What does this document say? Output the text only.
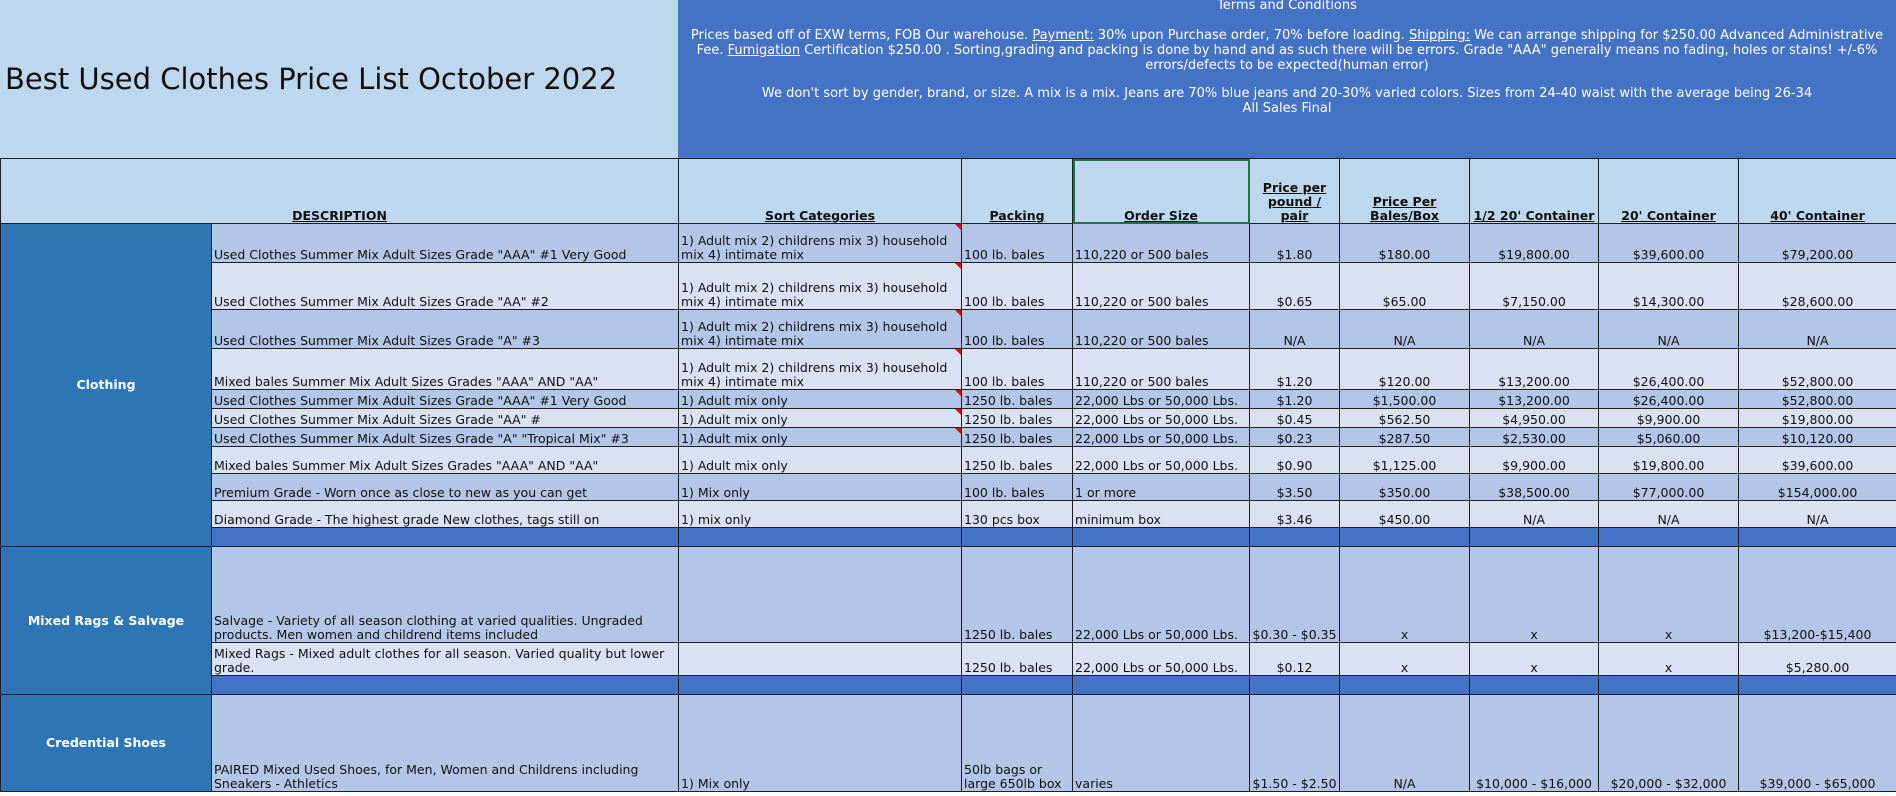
Best Used Clothes Price List October 2022
Terms and Conditions
Prices based off of EXW terms, FOB Our warehouse. Payment: 30% upon Purchase order, 70% before loading. Shipping: We can arrange shipping for $250.00 Advanced Administrative Fee. Fumigation Certification $250.00 . Sorting,grading and packing is done by hand and as such there will be errors. Grade "AAA" generally means no fading, holes or stains! +/-6% errors/defects to be expected(human error)
We don't sort by gender, brand, or size. A mix is a mix. Jeans are 70% blue jeans and 20-30% varied colors. Sizes from 24-40 waist with the average being 26-34
All Sales Final
DESCRIPTION		Sort Categories	Packing	Order Size	Price per pound / pair	Price Per Bales/Box	1/2 20' Container	20' Container	40' Container
Clothing	Used Clothes Summer Mix Adult Sizes Grade "AAA" #1 Very Good	1) Adult mix 2) childrens mix 3) household mix 4) intimate mix	100 lb. bales	110,220 or 500 bales	$1.80	$180.00	$19,800.00	$39,600.00	$79,200.00
	Used Clothes Summer Mix Adult Sizes Grade "AA" #2	1) Adult mix 2) childrens mix 3) household mix 4) intimate mix	100 lb. bales	110,220 or 500 bales	$0.65	$65.00	$7,150.00	$14,300.00	$28,600.00
	Used Clothes Summer Mix Adult Sizes Grade "A" #3	1) Adult mix 2) childrens mix 3) household mix 4) intimate mix	100 lb. bales	110,220 or 500 bales	N/A	N/A	N/A	N/A	N/A
	Mixed bales Summer Mix Adult Sizes Grades "AAA" AND "AA"	1) Adult mix 2) childrens mix 3) household mix 4) intimate mix	100 lb. bales	110,220 or 500 bales	$1.20	$120.00	$13,200.00	$26,400.00	$52,800.00
	Used Clothes Summer Mix Adult Sizes Grade "AAA" #1 Very Good	1) Adult mix only	1250 lb. bales	22,000 Lbs or 50,000 Lbs.	$1.20	$1,500.00	$13,200.00	$26,400.00	$52,800.00
	Used Clothes Summer Mix Adult Sizes Grade "AA" #	1) Adult mix only	1250 lb. bales	22,000 Lbs or 50,000 Lbs.	$0.45	$562.50	$4,950.00	$9,900.00	$19,800.00
	Used Clothes Summer Mix Adult Sizes Grade "A" "Tropical Mix" #3	1) Adult mix only	1250 lb. bales	22,000 Lbs or 50,000 Lbs.	$0.23	$287.50	$2,530.00	$5,060.00	$10,120.00
	Mixed bales Summer Mix Adult Sizes Grades "AAA" AND "AA"	1) Adult mix only	1250 lb. bales	22,000 Lbs or 50,000 Lbs.	$0.90	$1,125.00	$9,900.00	$19,800.00	$39,600.00
	Premium Grade - Worn once as close to new as you can get	1) Mix only	100 lb. bales	1 or more	$3.50	$350.00	$38,500.00	$77,000.00	$154,000.00
	Diamond Grade - The highest grade New clothes, tags still on	1) mix only	130 pcs box	minimum box	$3.46	$450.00	N/A	N/A	N/A

Mixed Rags & Salvage	Salvage - Variety of all season clothing at varied qualities. Ungraded products. Men women and childrend items included		1250 lb. bales	22,000 Lbs or 50,000 Lbs.	$0.30 - $0.35	x	x	x	$13,200-$15,400
	Mixed Rags - Mixed adult clothes for all season. Varied quality but lower grade.		1250 lb. bales	22,000 Lbs or 50,000 Lbs.	$0.12	x	x	x	$5,280.00

Credential Shoes	PAIRED Mixed Used Shoes, for Men, Women and Childrens including Sneakers - Athletics	1) Mix only	50lb bags or large 650lb box	varies	$1.50 - $2.50	N/A	$10,000 - $16,000	$20,000 - $32,000	$39,000 - $65,000
